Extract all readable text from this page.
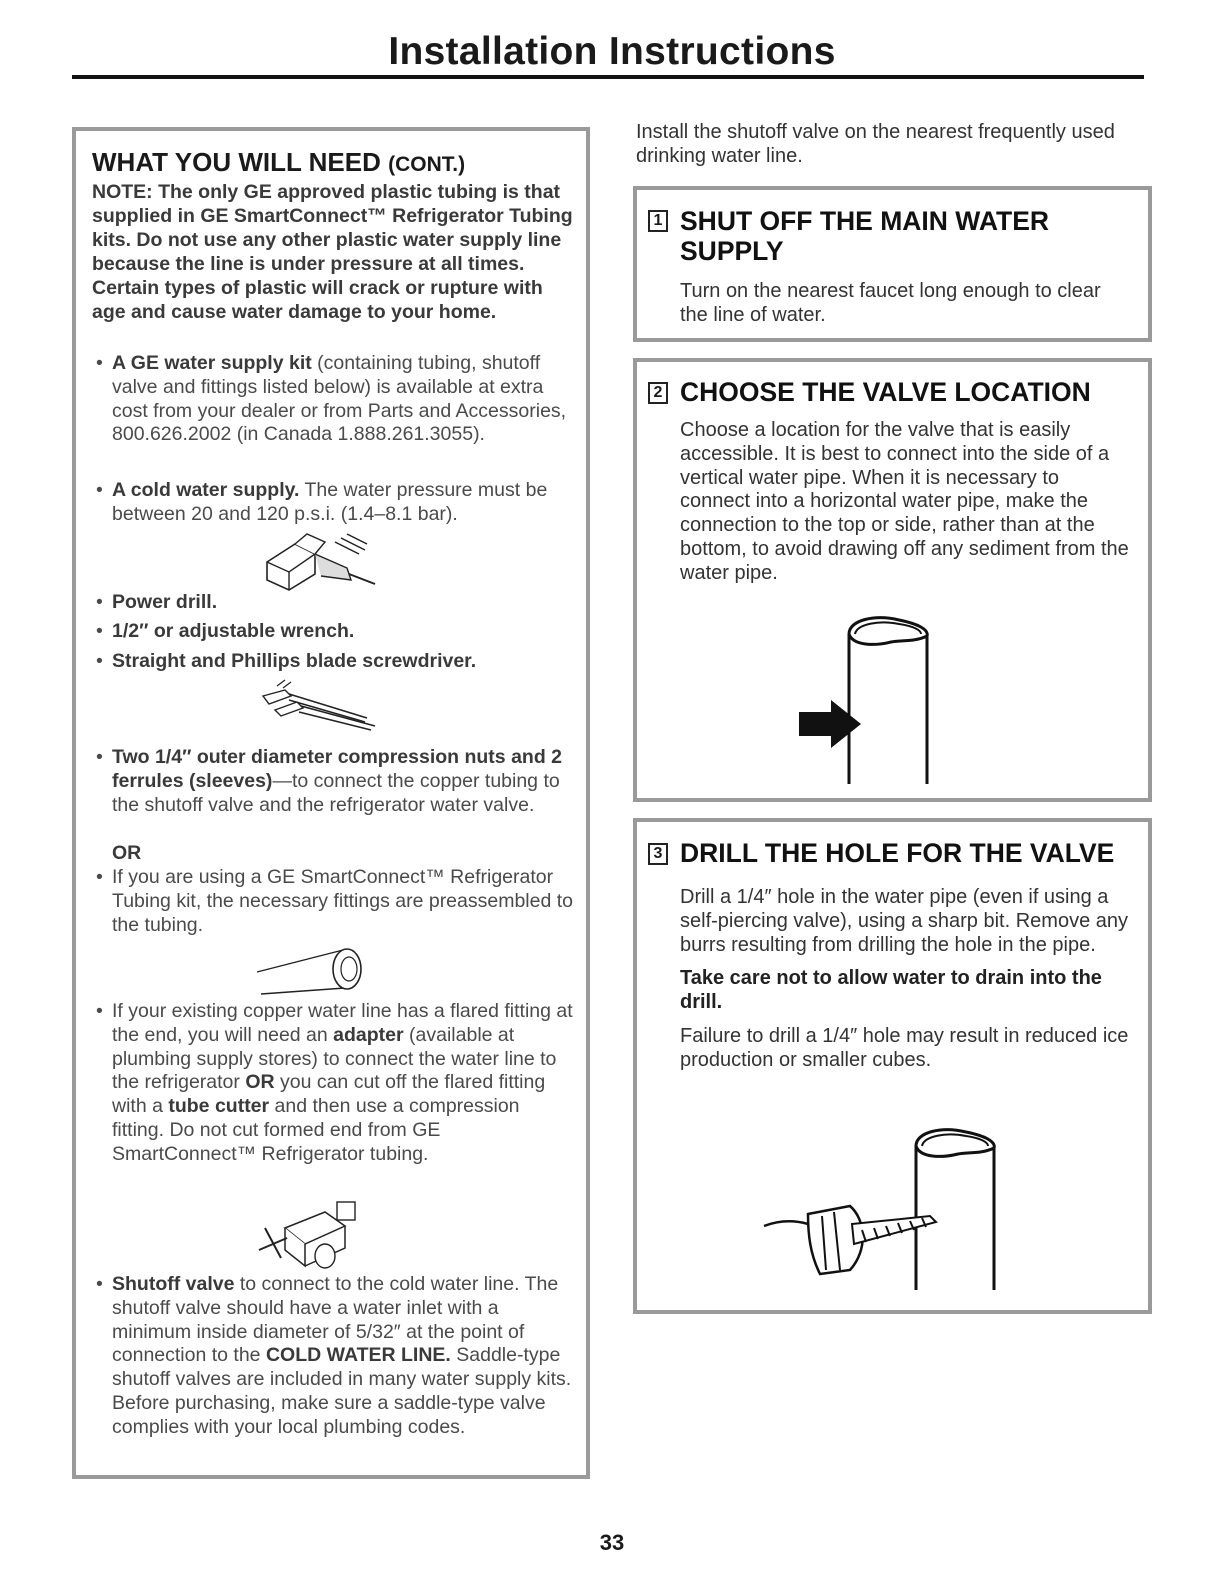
Installation Instructions
WHAT YOU WILL NEED (CONT.)

NOTE: The only GE approved plastic tubing is that supplied in GE SmartConnect™ Refrigerator Tubing kits. Do not use any other plastic water supply line because the line is under pressure at all times. Certain types of plastic will crack or rupture with age and cause water damage to your home.

• A GE water supply kit (containing tubing, shutoff valve and fittings listed below) is available at extra cost from your dealer or from Parts and Accessories, 800.626.2002 (in Canada 1.888.261.3055).
• A cold water supply. The water pressure must be between 20 and 120 p.s.i. (1.4–8.1 bar).
• Power drill.
• 1/2″ or adjustable wrench.
• Straight and Phillips blade screwdriver.
• Two 1/4″ outer diameter compression nuts and 2 ferrules (sleeves)—to connect the copper tubing to the shutoff valve and the refrigerator water valve.
OR
• If you are using a GE SmartConnect™ Refrigerator Tubing kit, the necessary fittings are preassembled to the tubing.
• If your existing copper water line has a flared fitting at the end, you will need an adapter (available at plumbing supply stores) to connect the water line to the refrigerator OR you can cut off the flared fitting with a tube cutter and then use a compression fitting. Do not cut formed end from GE SmartConnect™ Refrigerator tubing.
• Shutoff valve to connect to the cold water line. The shutoff valve should have a water inlet with a minimum inside diameter of 5/32″ at the point of connection to the COLD WATER LINE. Saddle-type shutoff valves are included in many water supply kits. Before purchasing, make sure a saddle-type valve complies with your local plumbing codes.

Install the shutoff valve on the nearest frequently used drinking water line.

1 SHUT OFF THE MAIN WATER
SUPPLY

Turn on the nearest faucet long enough to clear the line of water.

2 CHOOSE THE VALVE LOCATION

Choose a location for the valve that is easily accessible. It is best to connect into the side of a vertical water pipe. When it is necessary to connect into a horizontal water pipe, make the connection to the top or side, rather than at the bottom, to avoid drawing off any sediment from the water pipe.

3 DRILL THE HOLE FOR THE VALVE

Drill a 1/4″ hole in the water pipe (even if using a self-piercing valve), using a sharp bit. Remove any burrs resulting from drilling the hole in the pipe.

Take care not to allow water to drain into the drill.

Failure to drill a 1/4″ hole may result in reduced ice production or smaller cubes.

33
